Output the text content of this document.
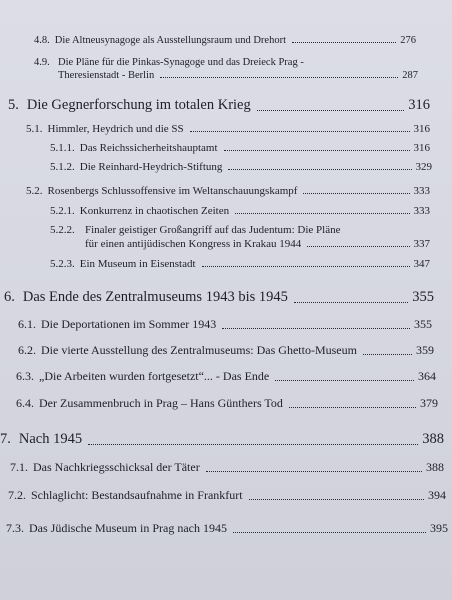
4.8. Die Altneusynagoge als Ausstellungsraum und Drehort	276
4.9. Die Pläne für die Pinkas-Synagoge und das Dreieck Prag -
Theresienstadt - Berlin	287
5. Die Gegnerforschung im totalen Krieg	316
5.1. Himmler, Heydrich und die SS	316
5.1.1. Das Reichssicherheitshauptamt	316
5.1.2. Die Reinhard-Heydrich-Stiftung	329
5.2. Rosenbergs Schlussoffensive im Weltanschauungskampf	333
5.2.1. Konkurrenz in chaotischen Zeiten	333
5.2.2. Finaler geistiger Großangriff auf das Judentum: Die Pläne
für einen antijüdischen Kongress in Krakau 1944	337
5.2.3. Ein Museum in Eisenstadt	347
6. Das Ende des Zentralmuseums 1943 bis 1945	355
6.1. Die Deportationen im Sommer 1943	355
6.2. Die vierte Ausstellung des Zentralmuseums: Das Ghetto-Museum	359
6.3. „Die Arbeiten wurden fortgesetzt“... - Das Ende	364
6.4. Der Zusammenbruch in Prag – Hans Günthers Tod	379
7. Nach 1945	388
7.1. Das Nachkriegsschicksal der Täter	388
7.2. Schlaglicht: Bestandsaufnahme in Frankfurt	394
7.3. Das Jüdische Museum in Prag nach 1945	395
